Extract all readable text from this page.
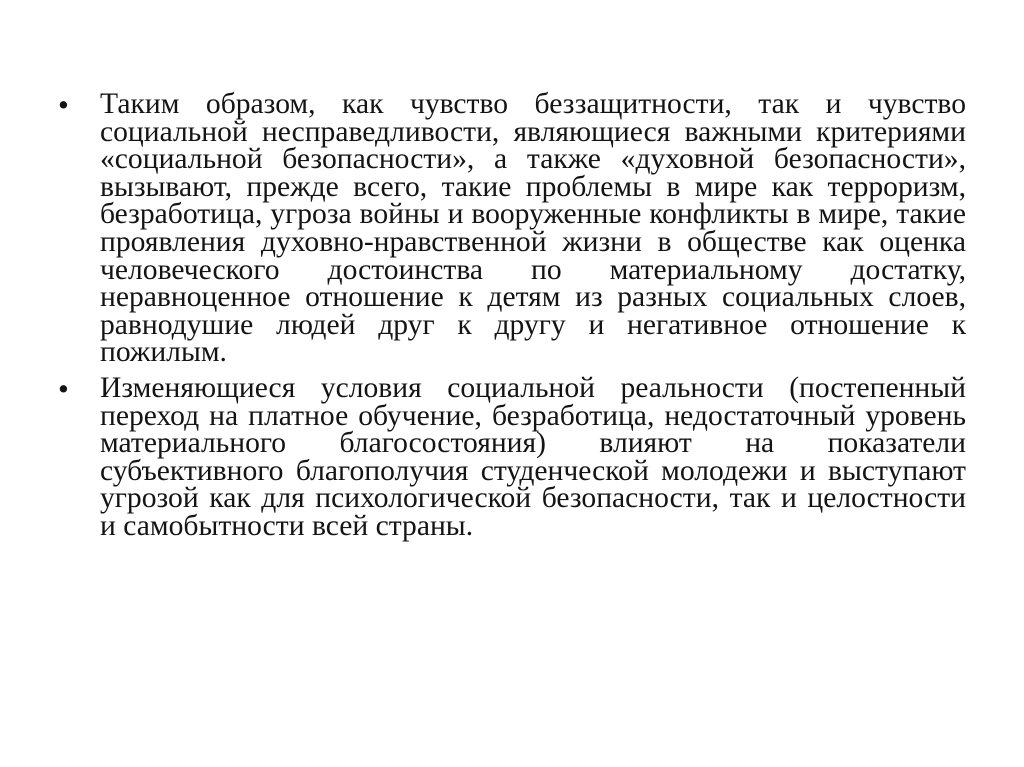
•	Таким образом, как чувство беззащитности, так и чувство социальной несправедливости, являющиеся важными критериями «социальной безопасности», а также «духовной безопасности», вызывают, прежде всего, такие проблемы в мире как терроризм, безработица, угроза войны и вооруженные конфликты в мире, такие проявления духовно-нравственной жизни в обществе как оценка человеческого достоинства по материальному достатку, неравноценное отношение к детям из разных социальных слоев, равнодушие людей друг к другу и негативное отношение к пожилым.
•	Изменяющиеся условия социальной реальности (постепенный переход на платное обучение, безработица, недостаточный уровень материального благосостояния) влияют на показатели субъективного благополучия студенческой молодежи и выступают угрозой как для психологической безопасности, так и целостности и самобытности всей страны.
